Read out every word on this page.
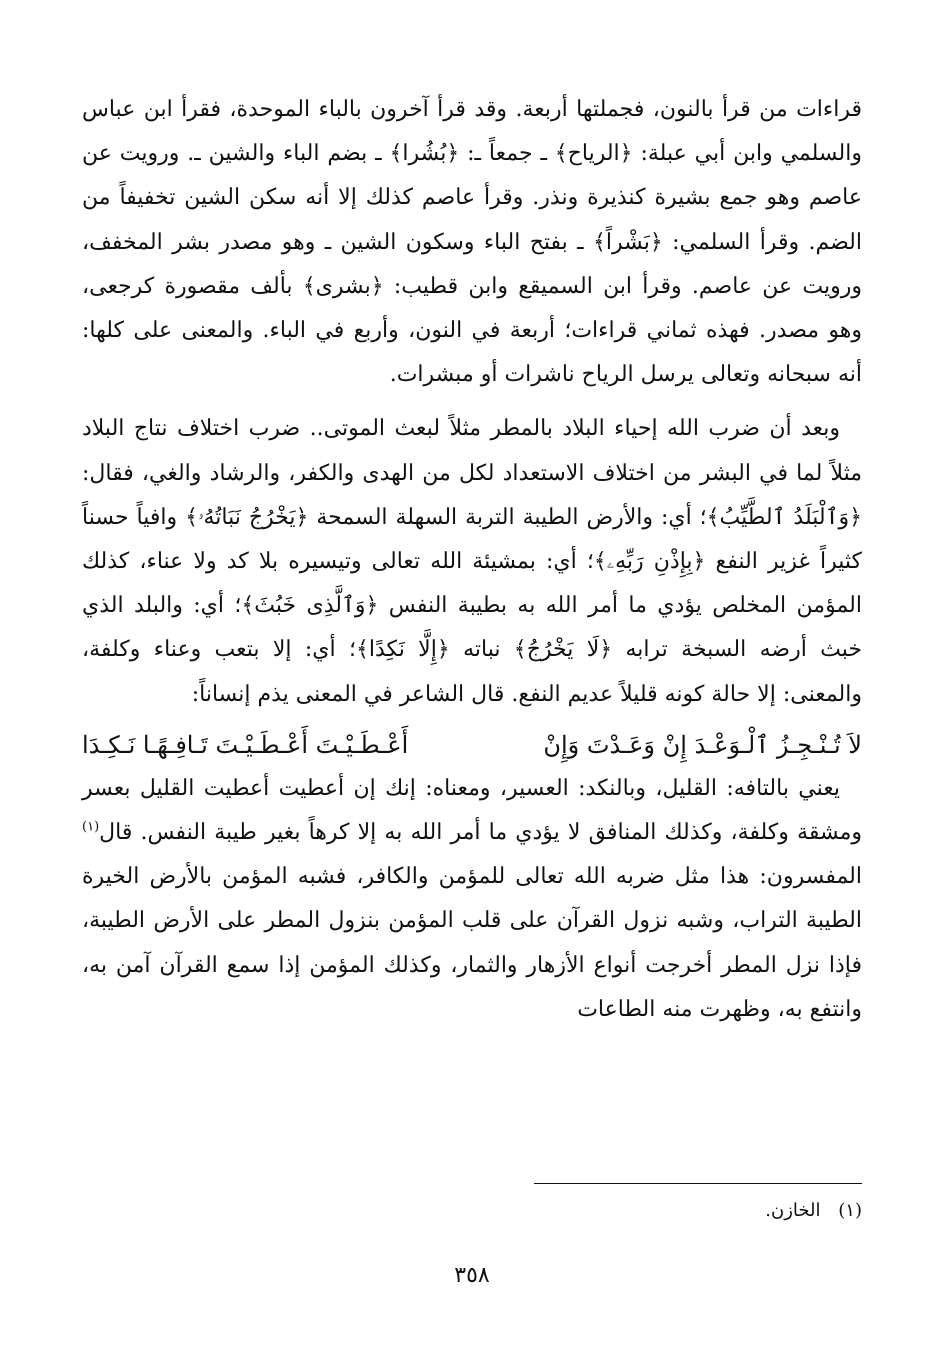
قراءات من قرأ بالنون، فجملتها أربعة. وقد قرأ آخرون بالباء الموحدة، فقرأ ابن عباس والسلمي وابن أبي عبلة: ﴿الرياح﴾ ـ جمعاً ـ: ﴿بُشُرا﴾ ـ بضم الباء والشين ـ. ورويت عن عاصم وهو جمع بشيرة كنذيرة ونذر. وقرأ عاصم كذلك إلا أنه سكن الشين تخفيفاً من الضم. وقرأ السلمي: ﴿بَشْراً﴾ ـ بفتح الباء وسكون الشين ـ وهو مصدر بشر المخفف، ورويت عن عاصم. وقرأ ابن السميقع وابن قطيب: ﴿بشرى﴾ بألف مقصورة كرجعى، وهو مصدر. فهذه ثماني قراءات؛ أربعة في النون، وأربع في الباء. والمعنى على كلها: أنه سبحانه وتعالى يرسل الرياح ناشرات أو مبشرات.

وبعد أن ضرب الله إحياء البلاد بالمطر مثلاً لبعث الموتى.. ضرب اختلاف نتاج البلاد مثلاً لما في البشر من اختلاف الاستعداد لكل من الهدى والكفر، والرشاد والغي، فقال: ﴿وَٱلْبَلَدُ ٱلطَّيِّبُ﴾؛ أي: والأرض الطيبة التربة السهلة السمحة ﴿يَخْرُجُ نَبَاتُهُۥ﴾ وافياً حسناً كثيراً غزير النفع ﴿بِإِذْنِ رَبِّهِۦ﴾؛ أي: بمشيئة الله تعالى وتيسيره بلا كد ولا عناء، كذلك المؤمن المخلص يؤدي ما أمر الله به بطيبة النفس ﴿وَٱلَّذِى خَبُثَ﴾؛ أي: والبلد الذي خبث أرضه السبخة ترابه ﴿لَا يَخْرُجُ﴾ نباته ﴿إِلَّا نَكِدًا﴾؛ أي: إلا بتعب وعناء وكلفة، والمعنى: إلا حالة كونه قليلاً عديم النفع. قال الشاعر في المعنى يذم إنساناً:

لاَ تُـنْـجِـزُ ٱلْـوَعْـدَ إِنْ وَعَـدْتَ وَإِنْ
أَعْـطَـيْـتَ أَعْـطَـيْـتَ تَـافِـهًـا نَـكِـدَا

يعني بالتافه: القليل، وبالنكد: العسير، ومعناه: إنك إن أعطيت أعطيت القليل بعسر ومشقة وكلفة، وكذلك المنافق لا يؤدي ما أمر الله به إلا كرهاً بغير طيبة النفس. قال$^{(١)}$ المفسرون: هذا مثل ضربه الله تعالى للمؤمن والكافر، فشبه المؤمن بالأرض الخيرة الطيبة التراب، وشبه نزول القرآن على قلب المؤمن بنزول المطر على الأرض الطيبة، فإذا نزل المطر أخرجت أنواع الأزهار والثمار، وكذلك المؤمن إذا سمع القرآن آمن به، وانتفع به، وظهرت منه الطاعات

(١) الخازن.
٣٥٨
